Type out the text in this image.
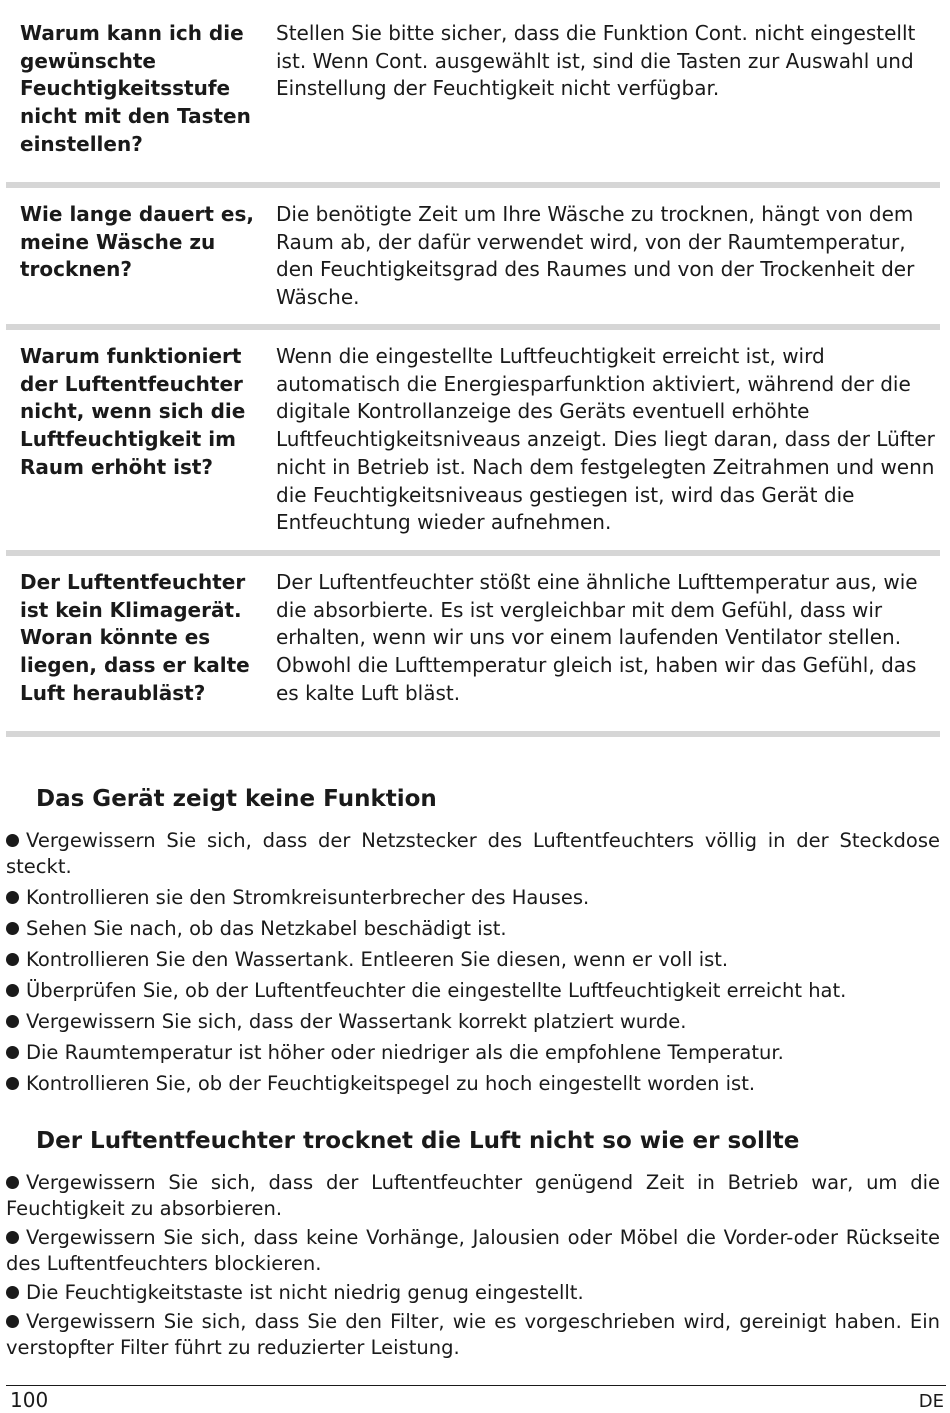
Warum kann ich die gewünschte Feuchtigkeitsstufe nicht mit den Tasten einstellen?
Stellen Sie bitte sicher, dass die Funktion Cont. nicht eingestellt ist. Wenn Cont. ausgewählt ist, sind die Tasten zur Auswahl und Einstellung der Feuchtigkeit nicht verfügbar.
Wie lange dauert es, meine Wäsche zu trocknen?
Die benötigte Zeit um Ihre Wäsche zu trocknen, hängt von dem Raum ab, der dafür verwendet wird, von der Raumtemperatur, den Feuchtigkeitsgrad des Raumes und von der Trockenheit der Wäsche.
Warum funktioniert der Luftentfeuchter nicht, wenn sich die Luftfeuchtigkeit im Raum erhöht ist?
Wenn die eingestellte Luftfeuchtigkeit erreicht ist, wird automatisch die Energiesparfunktion aktiviert, während der die digitale Kontrollanzeige des Geräts eventuell erhöhte Luftfeuchtigkeitsniveaus anzeigt. Dies liegt daran, dass der Lüfter nicht in Betrieb ist. Nach dem festgelegten Zeitrahmen und wenn die Feuchtigkeitsniveaus gestiegen ist, wird das Gerät die Entfeuchtung wieder aufnehmen.
Der Luftentfeuchter ist kein Klimagerät. Woran könnte es liegen, dass er kalte Luft heraubläst?
Der Luftentfeuchter stößt eine ähnliche Lufttemperatur aus, wie die absorbierte. Es ist vergleichbar mit dem Gefühl, dass wir erhalten, wenn wir uns vor einem laufenden Ventilator stellen. Obwohl die Lufttemperatur gleich ist, haben wir das Gefühl, das es kalte Luft bläst.
Das Gerät zeigt keine Funktion
Vergewissern Sie sich, dass der Netzstecker des Luftentfeuchters völlig in der Steckdose steckt.
Kontrollieren sie den Stromkreisunterbrecher des Hauses.
Sehen Sie nach, ob das Netzkabel beschädigt ist.
Kontrollieren Sie den Wassertank. Entleeren Sie diesen, wenn er voll ist.
Überprüfen Sie, ob der Luftentfeuchter die eingestellte Luftfeuchtigkeit erreicht hat.
Vergewissern Sie sich, dass der Wassertank korrekt platziert wurde.
Die Raumtemperatur ist höher oder niedriger als die empfohlene Temperatur.
Kontrollieren Sie, ob der Feuchtigkeitspegel zu hoch eingestellt worden ist.
Der Luftentfeuchter trocknet die Luft nicht so wie er sollte
Vergewissern Sie sich, dass der Luftentfeuchter genügend Zeit in Betrieb war, um die Feuchtigkeit zu absorbieren.
Vergewissern Sie sich, dass keine Vorhänge, Jalousien oder Möbel die Vorder-oder Rückseite des Luftentfeuchters blockieren.
Die Feuchtigkeitstaste ist nicht niedrig genug eingestellt.
Vergewissern Sie sich, dass Sie den Filter, wie es vorgeschrieben wird, gereinigt haben. Ein verstopfter Filter führt zu reduzierter Leistung.
100	DE
